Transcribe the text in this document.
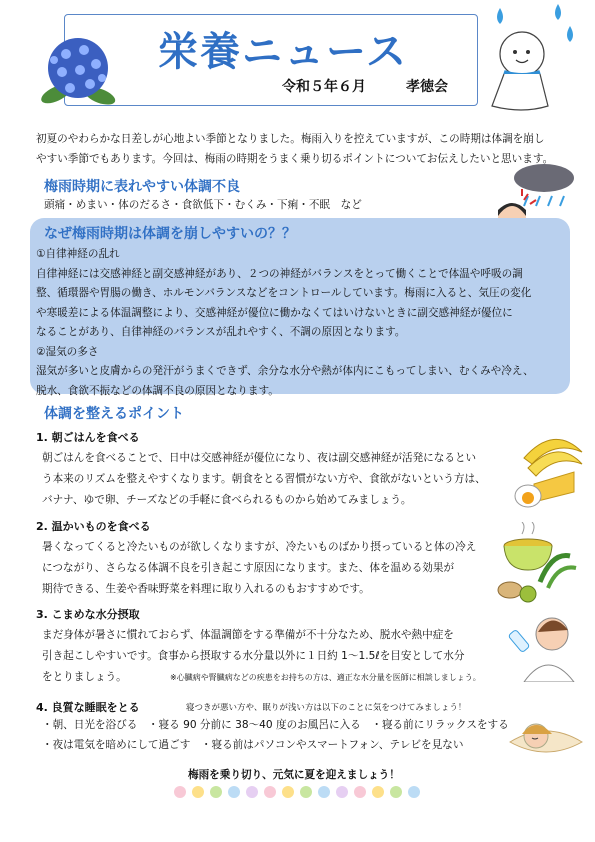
栄養ニュース
令和５年６月	孝徳会
初夏のやわらかな日差しが心地よい季節となりました。梅雨入りを控えていますが、この時期は体調を崩し
やすい季節でもあります。今回は、梅雨の時期をうまく乗り切るポイントについてお伝えしたいと思います。
梅雨時期に表れやすい体調不良
頭痛・めまい・体のだるさ・食欲低下・むくみ・下痢・不眠　など
なぜ梅雨時期は体調を崩しやすいの？？
①自律神経の乱れ
自律神経には交感神経と副交感神経があり、２つの神経がバランスをとって働くことで体温や呼吸の調
整、循環器や胃腸の働き、ホルモンバランスなどをコントロールしています。梅雨に入ると、気圧の変化
や寒暖差による体温調整により、交感神経が優位に働かなくてはいけないときに副交感神経が優位に
なることがあり、自律神経のバランスが乱れやすく、不調の原因となります。
②湿気の多さ
湿気が多いと皮膚からの発汗がうまくできず、余分な水分や熱が体内にこもってしまい、むくみや冷え、
脱水、食欲不振などの体調不良の原因となります。
体調を整えるポイント
1. 朝ごはんを食べる
朝ごはんを食べることで、日中は交感神経が優位になり、夜は副交感神経が活発になるとい
う本来のリズムを整えやすくなります。朝食をとる習慣がない方や、食欲がないという方は、
バナナ、ゆで卵、チーズなどの手軽に食べられるものから始めてみましょう。
2. 温かいものを食べる
暑くなってくると冷たいものが欲しくなりますが、冷たいものばかり摂っていると体の冷え
につながり、さらなる体調不良を引き起こす原因になります。また、体を温める効果が
期待できる、生姜や香味野菜を料理に取り入れるのもおすすめです。
3. こまめな水分摂取
まだ身体が暑さに慣れておらず、体温調節をする準備が不十分なため、脱水や熱中症を
引き起こしやすいです。食事から摂取する水分量以外に１日約 1～1.5ℓを目安として水分
をとりましょう。	※心臓病や腎臓病などの疾患をお持ちの方は、適正な水分量を医師に相談しましょう。
4. 良質な睡眠をとる	寝つきが悪い方や、眠りが浅い方は以下のことに気をつけてみましょう！
・朝、日光を浴びる　・寝る 90 分前に 38～40 度のお風呂に入る　・寝る前にリラックスをする
・夜は電気を暗めにして過ごす　・寝る前はパソコンやスマートフォン、テレビを見ない
梅雨を乗り切り、元気に夏を迎えましょう！
